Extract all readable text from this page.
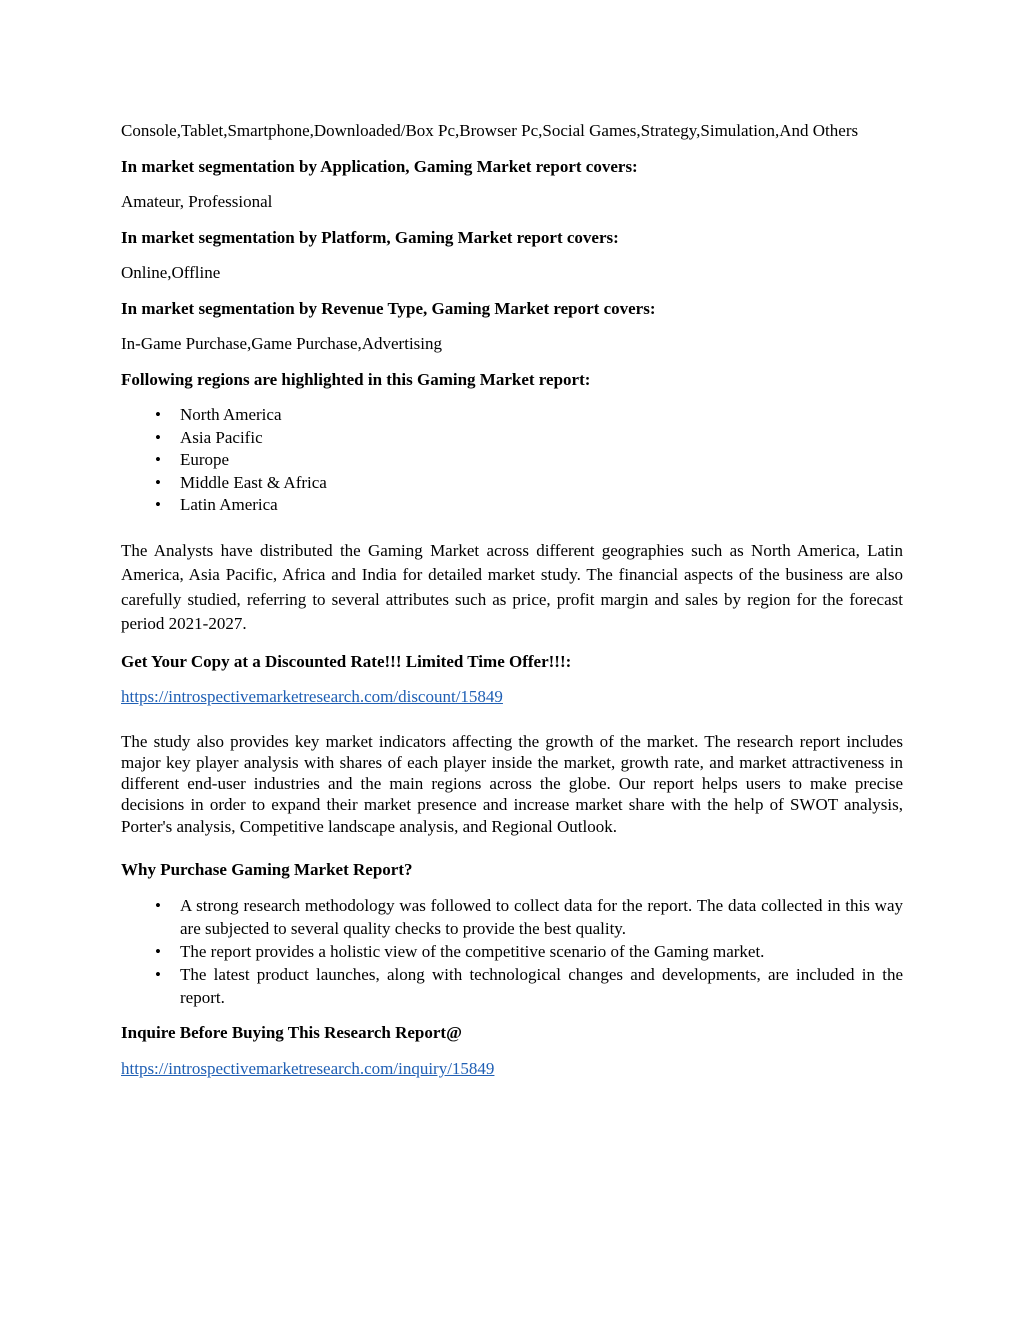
Console,Tablet,Smartphone,Downloaded/Box Pc,Browser Pc,Social Games,Strategy,Simulation,And Others

In market segmentation by Application, Gaming Market report covers:

Amateur, Professional

In market segmentation by Platform, Gaming Market report covers:

Online,Offline

In market segmentation by Revenue Type, Gaming Market report covers:

In-Game Purchase,Game Purchase,Advertising

Following regions are highlighted in this Gaming Market report:

• North America
• Asia Pacific
• Europe
• Middle East & Africa
• Latin America

The Analysts have distributed the Gaming Market across different geographies such as North America, Latin America, Asia Pacific, Africa and India for detailed market study. The financial aspects of the business are also carefully studied, referring to several attributes such as price, profit margin and sales by region for the forecast period 2021-2027.

Get Your Copy at a Discounted Rate!!! Limited Time Offer!!!:

https://introspectivemarketresearch.com/discount/15849

The study also provides key market indicators affecting the growth of the market. The research report includes major key player analysis with shares of each player inside the market, growth rate, and market attractiveness in different end-user industries and the main regions across the globe. Our report helps users to make precise decisions in order to expand their market presence and increase market share with the help of SWOT analysis, Porter's analysis, Competitive landscape analysis, and Regional Outlook.

Why Purchase Gaming Market Report?

• A strong research methodology was followed to collect data for the report. The data collected in this way are subjected to several quality checks to provide the best quality.
• The report provides a holistic view of the competitive scenario of the Gaming market.
• The latest product launches, along with technological changes and developments, are included in the report.

Inquire Before Buying This Research Report@

https://introspectivemarketresearch.com/inquiry/15849
